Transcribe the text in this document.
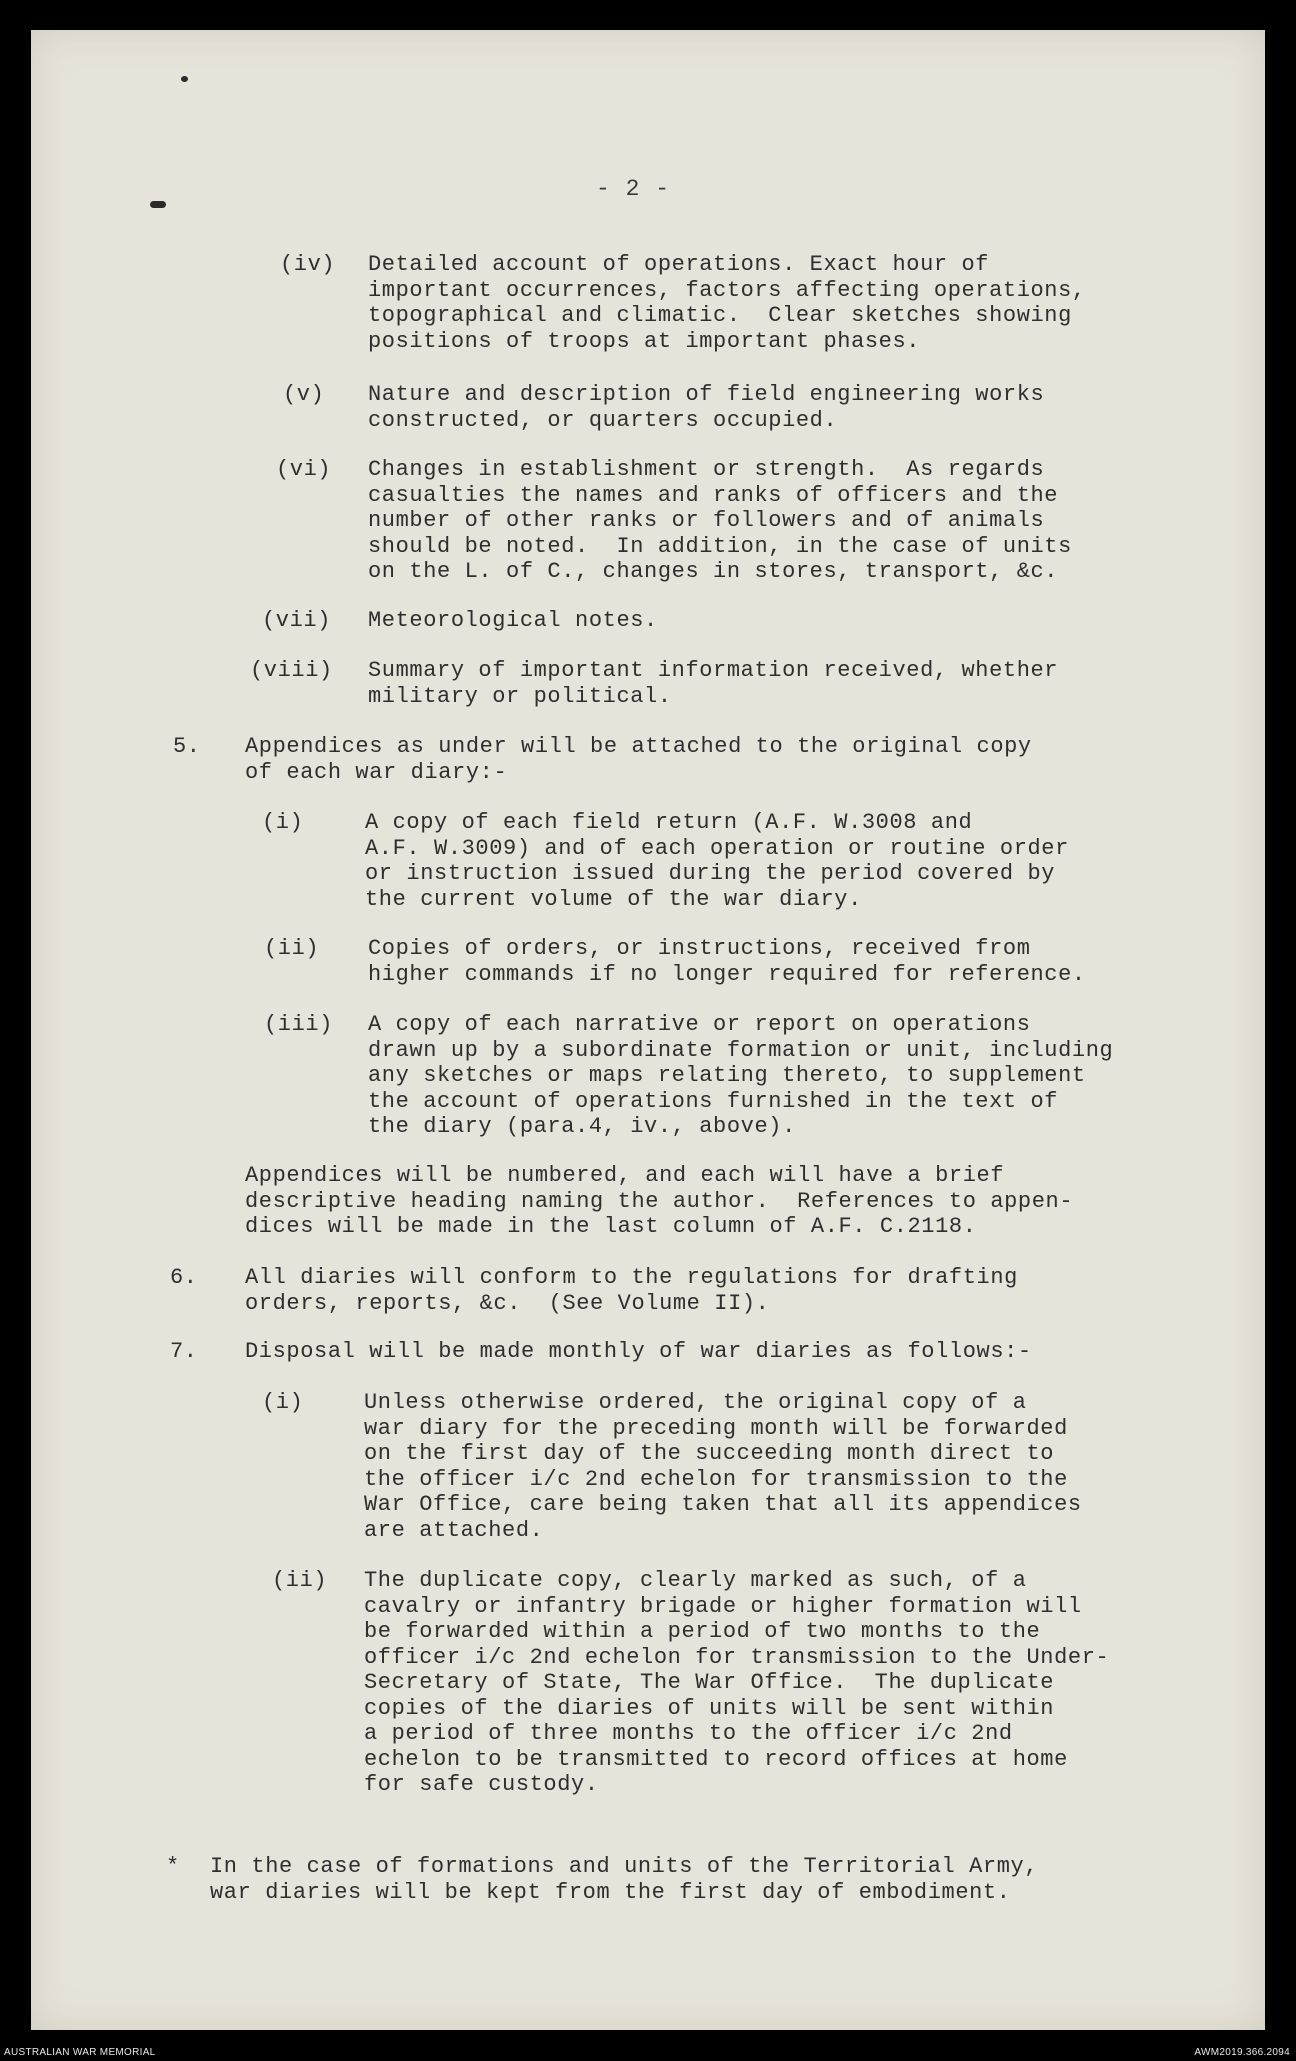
- 2 -
(iv) Detailed account of operations. Exact hour of
important occurrences, factors affecting operations,
topographical and climatic.  Clear sketches showing
positions of troops at important phases.
(v) Nature and description of field engineering works
constructed, or quarters occupied.
(vi) Changes in establishment or strength.  As regards
casualties the names and ranks of officers and the
number of other ranks or followers and of animals
should be noted.  In addition, in the case of units
on the L. of C., changes in stores, transport, &c.
(vii) Meteorological notes.
(viii) Summary of important information received, whether
military or political.
5. Appendices as under will be attached to the original copy
of each war diary:-
(i)	A copy of each field return (A.F. W.3008 and
A.F. W.3009) and of each operation or routine order
or instruction issued during the period covered by
the current volume of the war diary.
(ii) Copies of orders, or instructions, received from
higher commands if no longer required for reference.
(iii) A copy of each narrative or report on operations
drawn up by a subordinate formation or unit, including
any sketches or maps relating thereto, to supplement
the account of operations furnished in the text of
the diary (para.4, iv., above).
Appendices will be numbered, and each will have a brief
descriptive heading naming the author.  References to appen-
dices will be made in the last column of A.F. C.2118.
6. All diaries will conform to the regulations for drafting
orders, reports, &c.  (See Volume II).
7. Disposal will be made monthly of war diaries as follows:-
(i)	Unless otherwise ordered, the original copy of a
war diary for the preceding month will be forwarded
on the first day of the succeeding month direct to
the officer i/c 2nd echelon for transmission to the
War Office, care being taken that all its appendices
are attached.
(ii) The duplicate copy, clearly marked as such, of a
cavalry or infantry brigade or higher formation will
be forwarded within a period of two months to the
officer i/c 2nd echelon for transmission to the Under-
Secretary of State, The War Office.  The duplicate
copies of the diaries of units will be sent within
a period of three months to the officer i/c 2nd
echelon to be transmitted to record offices at home
for safe custody.
* In the case of formations and units of the Territorial Army,
war diaries will be kept from the first day of embodiment.
AUSTRALIAN WAR MEMORIAL	AWM2019.366.2094
